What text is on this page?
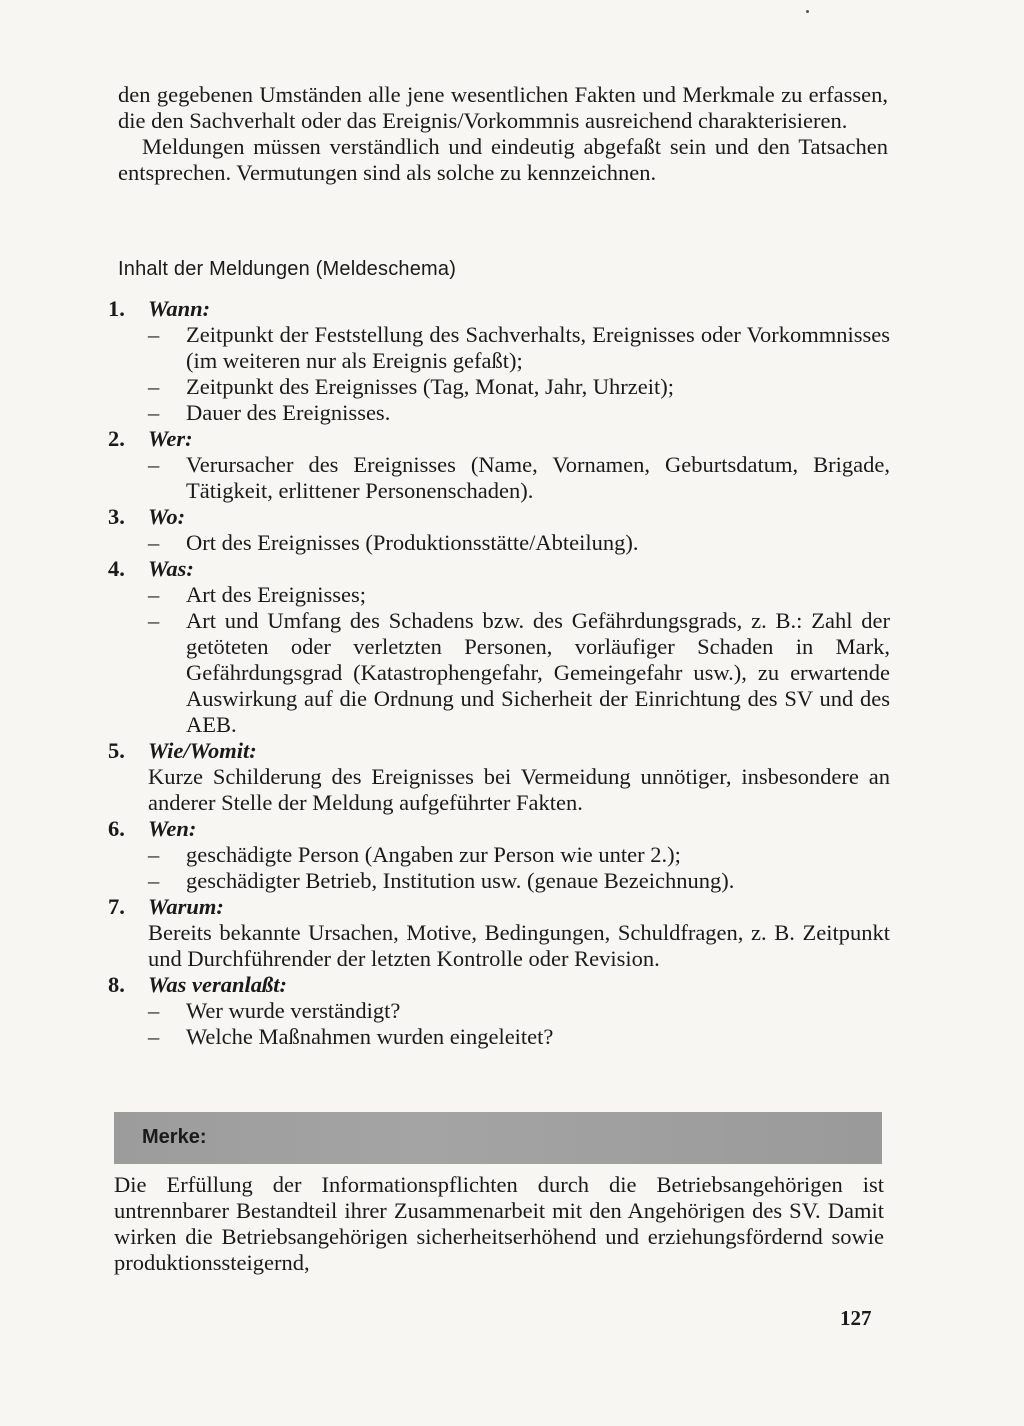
den gegebenen Umständen alle jene wesentlichen Fakten und Merkmale zu erfassen, die den Sachverhalt oder das Ereignis/Vorkommnis ausreichend charakterisieren.

Meldungen müssen verständlich und eindeutig abgefaßt sein und den Tatsachen entsprechen. Vermutungen sind als solche zu kennzeichnen.

Inhalt der Meldungen (Meldeschema)
1.	Wann:
–	Zeitpunkt der Feststellung des Sachverhalts, Ereignisses oder Vorkommnisses (im weiteren nur als Ereignis gefaßt);
–	Zeitpunkt des Ereignisses (Tag, Monat, Jahr, Uhrzeit);
–	Dauer des Ereignisses.
2.	Wer:
–	Verursacher des Ereignisses (Name, Vornamen, Geburtsdatum, Brigade, Tätigkeit, erlittener Personenschaden).
3.	Wo:
–	Ort des Ereignisses (Produktionsstätte/Abteilung).
4.	Was:
–	Art des Ereignisses;
–	Art und Umfang des Schadens bzw. des Gefährdungsgrads, z. B.: Zahl der getöteten oder verletzten Personen, vorläufiger Schaden in Mark, Gefährdungsgrad (Katastrophengefahr, Gemeingefahr usw.), zu erwartende Auswirkung auf die Ordnung und Sicherheit der Einrichtung des SV und des AEB.
5.	Wie/Womit:
Kurze Schilderung des Ereignisses bei Vermeidung unnötiger, insbesondere an anderer Stelle der Meldung aufgeführter Fakten.
6.	Wen:
–	geschädigte Person (Angaben zur Person wie unter 2.);
–	geschädigter Betrieb, Institution usw. (genaue Bezeichnung).
7.	Warum:
Bereits bekannte Ursachen, Motive, Bedingungen, Schuldfragen, z. B. Zeitpunkt und Durchführender der letzten Kontrolle oder Revision.
8.	Was veranlaßt:
–	Wer wurde verständigt?
–	Welche Maßnahmen wurden eingeleitet?
Merke:

Die Erfüllung der Informationspflichten durch die Betriebsangehörigen ist untrennbarer Bestandteil ihrer Zusammenarbeit mit den Angehörigen des SV. Damit wirken die Betriebsangehörigen sicherheitserhöhend und erziehungsfördernd sowie produktionssteigernd,

127
